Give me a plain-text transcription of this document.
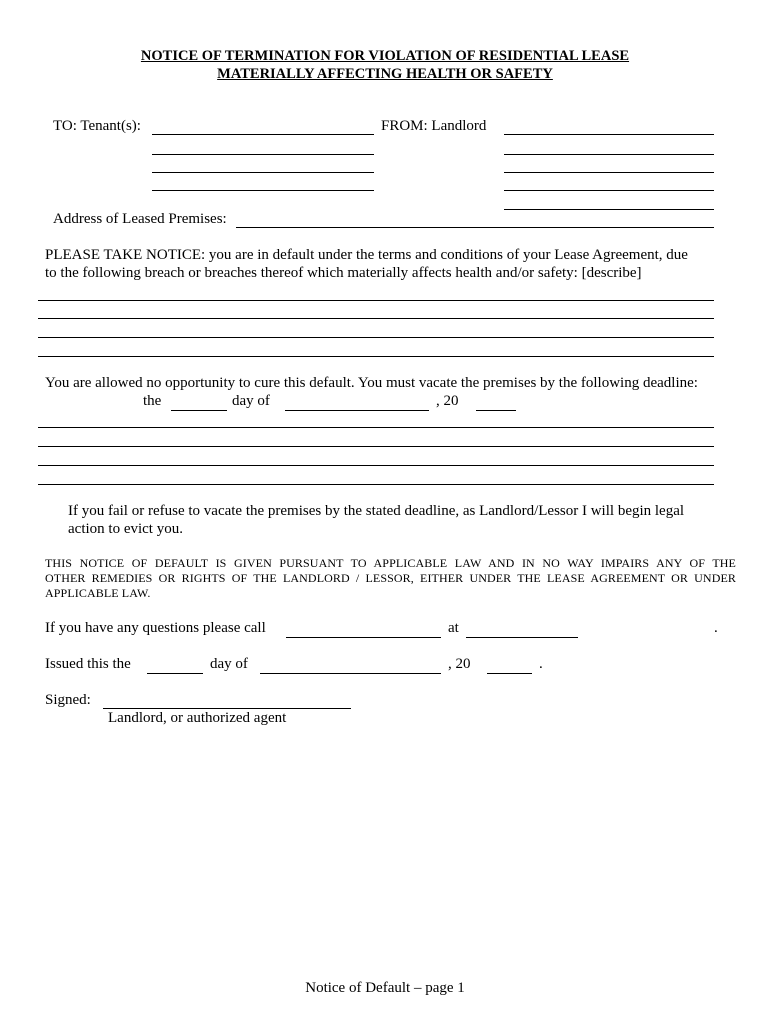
NOTICE OF TERMINATION FOR VIOLATION OF RESIDENTIAL LEASE
MATERIALLY AFFECTING HEALTH OR SAFETY
TO: Tenant(s):	FROM: Landlord
Address of Leased Premises:
PLEASE TAKE NOTICE: you are in default under the terms and conditions of your Lease Agreement, due
to the following breach or breaches thereof which materially affects health and/or safety: [describe]
You are allowed no opportunity to cure this default. You must vacate the premises by the following deadline:
the	day of	, 20
If you fail or refuse to vacate the premises by the stated deadline, as Landlord/Lessor I will begin legal
action to evict you.
THIS NOTICE OF DEFAULT IS GIVEN PURSUANT TO APPLICABLE LAW AND IN NO WAY IMPAIRS ANY OF THE
OTHER REMEDIES OR RIGHTS OF THE LANDLORD / LESSOR, EITHER UNDER THE LEASE AGREEMENT OR UNDER
APPLICABLE LAW.
If you have any questions please call	at	.
Issued this the	day of	, 20	.
Signed:
Landlord, or authorized agent
Notice of Default – page 1
